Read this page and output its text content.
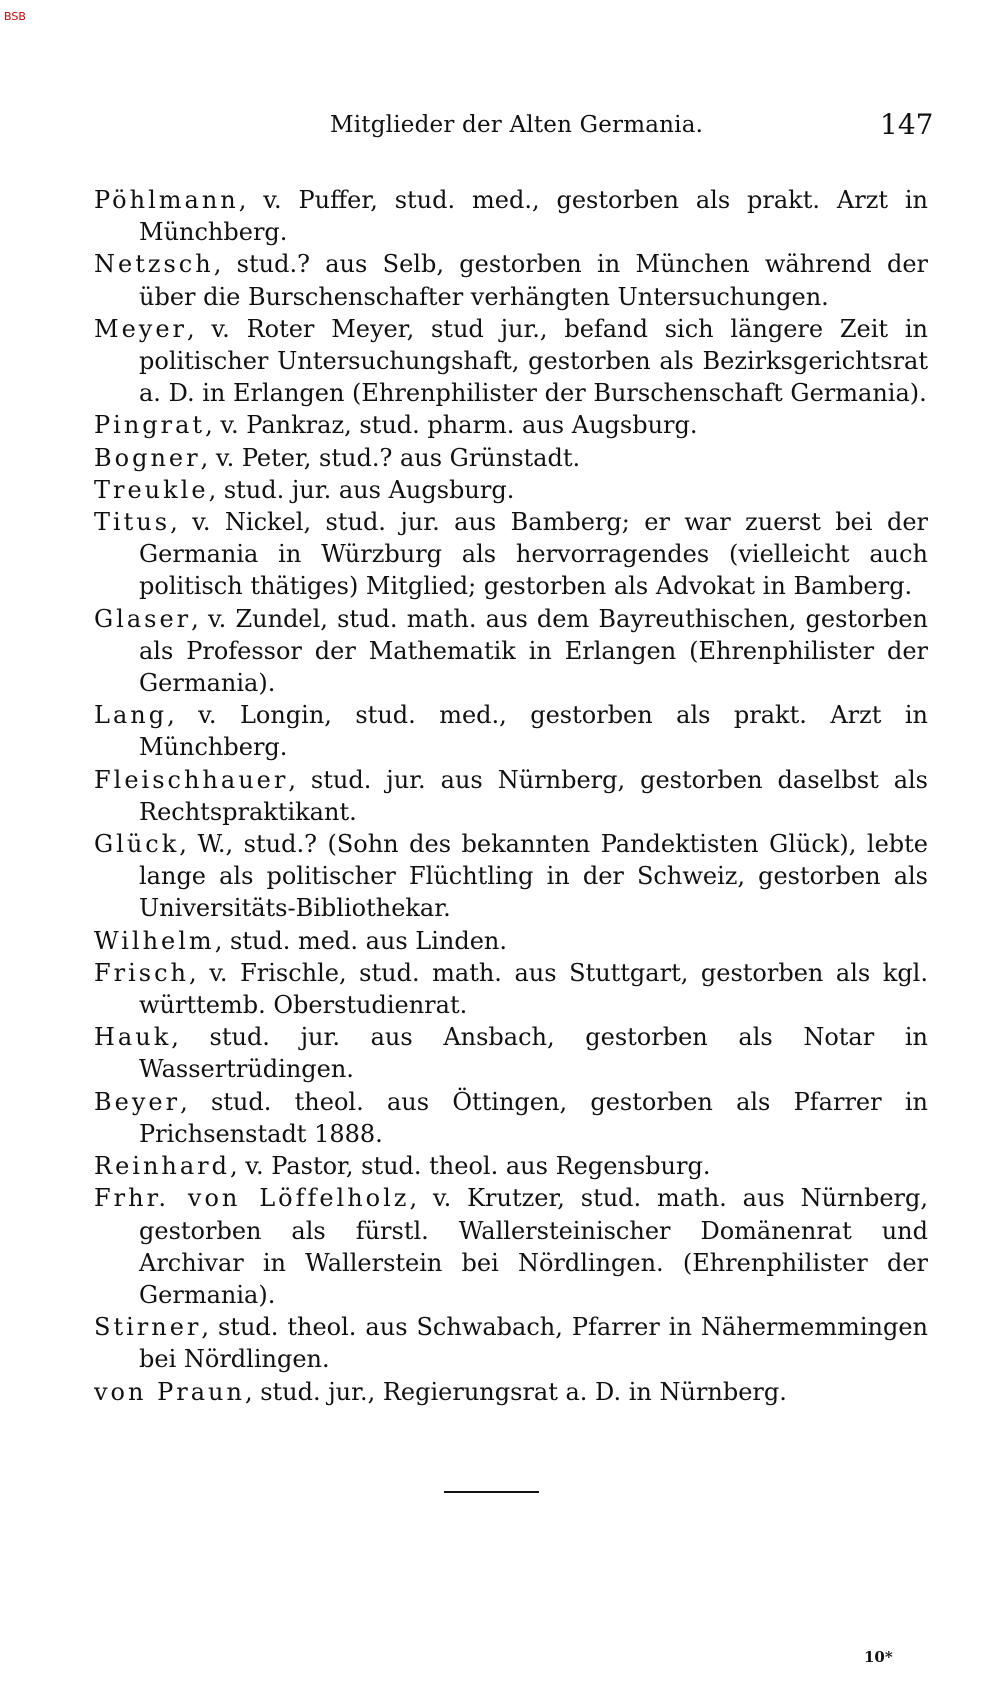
BSB
Mitglieder der Alten Germania.	147
Pöhlmann, v. Puffer, stud. med., gestorben als prakt. Arzt in Münchberg.
Netzsch, stud.? aus Selb, gestorben in München während der über die Burschenschafter verhängten Untersuchungen.
Meyer, v. Roter Meyer, stud jur., befand sich längere Zeit in politischer Untersuchungshaft, gestorben als Bezirksgerichtsrat a. D. in Erlangen (Ehrenphilister der Burschenschaft Germania).
Pingrat, v. Pankraz, stud. pharm. aus Augsburg.
Bogner, v. Peter, stud.? aus Grünstadt.
Treukle, stud. jur. aus Augsburg.
Titus, v. Nickel, stud. jur. aus Bamberg; er war zuerst bei der Germania in Würzburg als hervorragendes (vielleicht auch politisch thätiges) Mitglied; gestorben als Advokat in Bamberg.
Glaser, v. Zundel, stud. math. aus dem Bayreuthischen, gestorben als Professor der Mathematik in Erlangen (Ehrenphilister der Germania).
Lang, v. Longin, stud. med., gestorben als prakt. Arzt in Münchberg.
Fleischhauer, stud. jur. aus Nürnberg, gestorben daselbst als Rechtspraktikant.
Glück, W., stud.? (Sohn des bekannten Pandektisten Glück), lebte lange als politischer Flüchtling in der Schweiz, gestorben als Universitäts-Bibliothekar.
Wilhelm, stud. med. aus Linden.
Frisch, v. Frischle, stud. math. aus Stuttgart, gestorben als kgl. württemb. Oberstudienrat.
Hauk, stud. jur. aus Ansbach, gestorben als Notar in Wassertrüdingen.
Beyer, stud. theol. aus Öttingen, gestorben als Pfarrer in Prichsenstadt 1888.
Reinhard, v. Pastor, stud. theol. aus Regensburg.
Frhr. von Löffelholz, v. Krutzer, stud. math. aus Nürnberg, gestorben als fürstl. Wallersteinischer Domänenrat und Archivar in Wallerstein bei Nördlingen. (Ehrenphilister der Germania).
Stirner, stud. theol. aus Schwabach, Pfarrer in Nähermemmingen bei Nördlingen.
von Praun, stud. jur., Regierungsrat a. D. in Nürnberg.
10*
